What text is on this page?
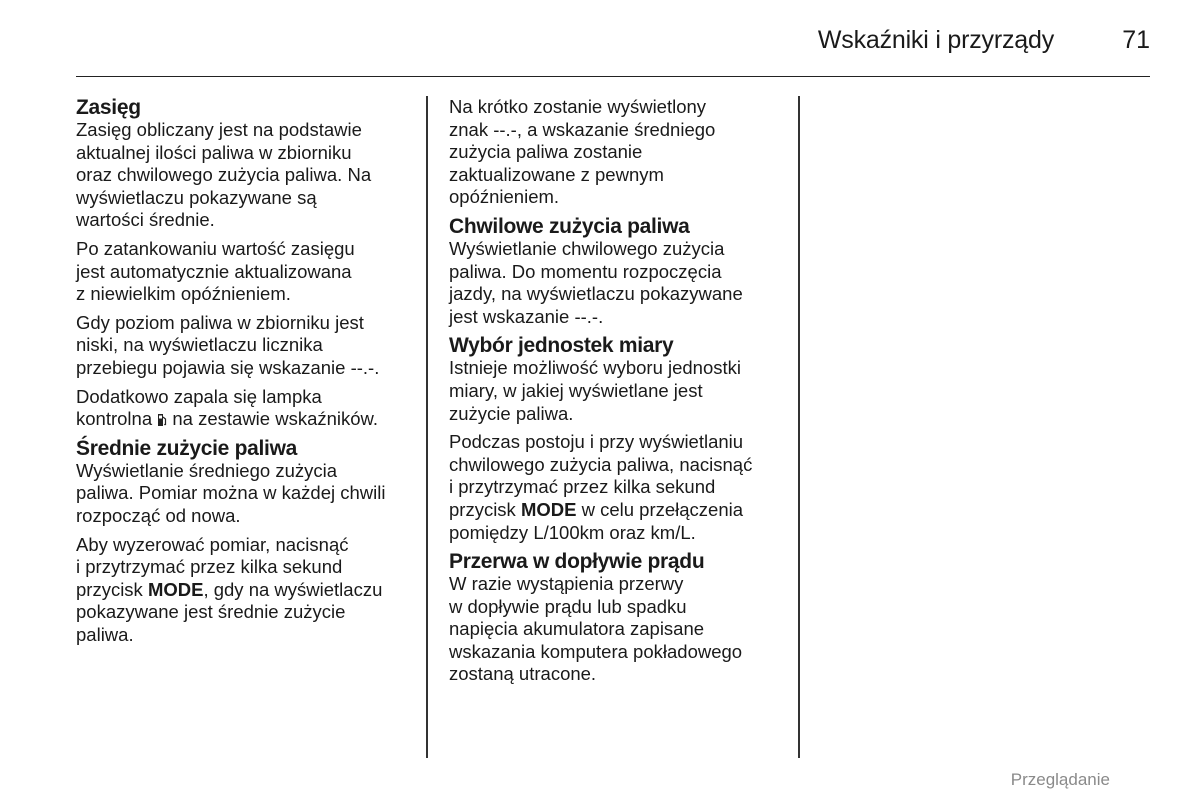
Wskaźniki i przyrządy	71
Zasięg

Zasięg obliczany jest na podstawie
aktualnej ilości paliwa w zbiorniku
oraz chwilowego zużycia paliwa. Na
wyświetlaczu pokazywane są
wartości średnie.

Po zatankowaniu wartość zasięgu
jest automatycznie aktualizowana
z niewielkim opóźnieniem.

Gdy poziom paliwa w zbiorniku jest
niski, na wyświetlaczu licznika
przebiegu pojawia się wskazanie --.-.

Dodatkowo zapala się lampka
kontrolna na zestawie wskaźników.

Średnie zużycie paliwa

Wyświetlanie średniego zużycia
paliwa. Pomiar można w każdej chwili
rozpocząć od nowa.

Aby wyzerować pomiar, nacisnąć
i przytrzymać przez kilka sekund
przycisk MODE, gdy na wyświetlaczu
pokazywane jest średnie zużycie
paliwa.

Na krótko zostanie wyświetlony
znak --.-, a wskazanie średniego
zużycia paliwa zostanie
zaktualizowane z pewnym
opóźnieniem.

Chwilowe zużycia paliwa

Wyświetlanie chwilowego zużycia
paliwa. Do momentu rozpoczęcia
jazdy, na wyświetlaczu pokazywane
jest wskazanie --.-.

Wybór jednostek miary

Istnieje możliwość wyboru jednostki
miary, w jakiej wyświetlane jest
zużycie paliwa.

Podczas postoju i przy wyświetlaniu
chwilowego zużycia paliwa, nacisnąć
i przytrzymać przez kilka sekund
przycisk MODE w celu przełączenia
pomiędzy L/100km oraz km/L.

Przerwa w dopływie prądu

W razie wystąpienia przerwy
w dopływie prądu lub spadku
napięcia akumulatora zapisane
wskazania komputera pokładowego
zostaną utracone.

Przeglądanie
